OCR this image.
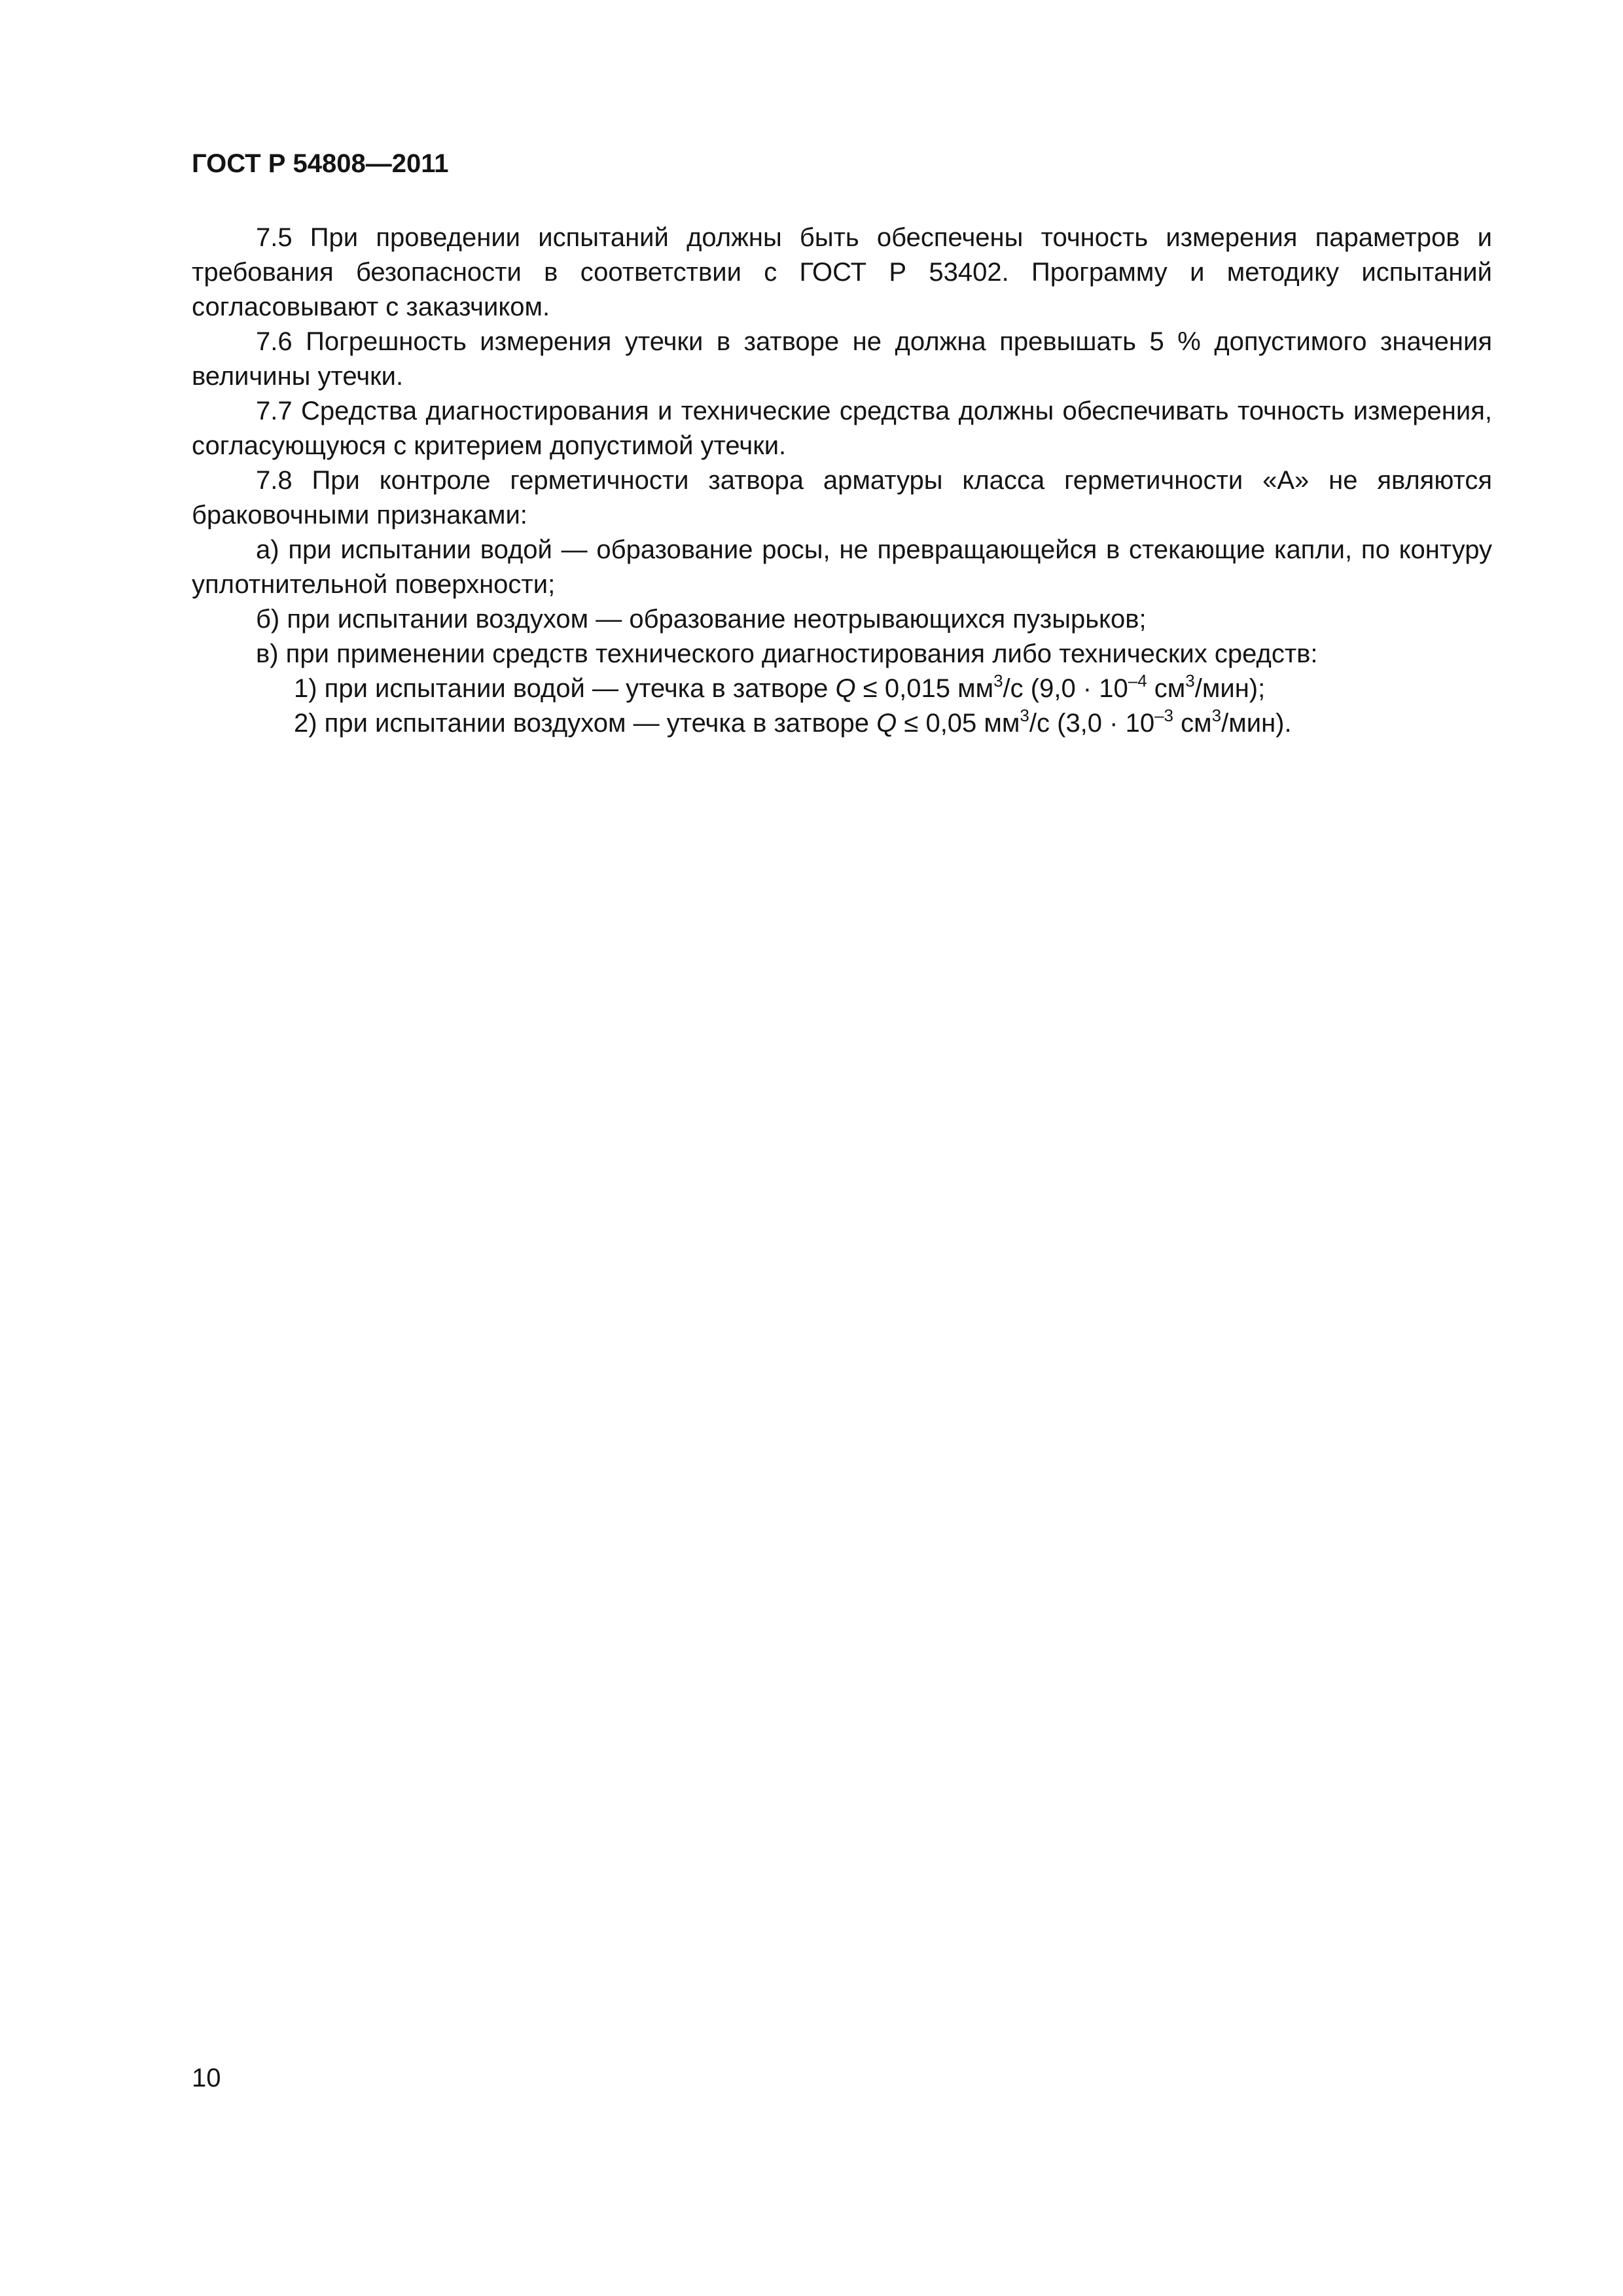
ГОСТ Р 54808—2011

7.5 При проведении испытаний должны быть обеспечены точность измерения параметров и требования безопасности в соответствии с ГОСТ Р 53402. Программу и методику испытаний согласовывают с заказчиком.

7.6 Погрешность измерения утечки в затворе не должна превышать 5 % допустимого значения величины утечки.

7.7 Средства диагностирования и технические средства должны обеспечивать точность измерения, согласующуюся с критерием допустимой утечки.

7.8 При контроле герметичности затвора арматуры класса герметичности «А» не являются браковочными признаками:

а) при испытании водой — образование росы, не превращающейся в стекающие капли, по контуру уплотнительной поверхности;

б) при испытании воздухом — образование неотрывающихся пузырьков;

в) при применении средств технического диагностирования либо технических средств:

1) при испытании водой — утечка в затворе Q ≤ 0,015 $мм^3/с$ ($9,0 \cdot 10^{-4}$ $см^3/мин$);

2) при испытании воздухом — утечка в затворе Q ≤ 0,05 $мм^3/с$ ($3,0 \cdot 10^{-3}$ $см^3/мин$).

10
